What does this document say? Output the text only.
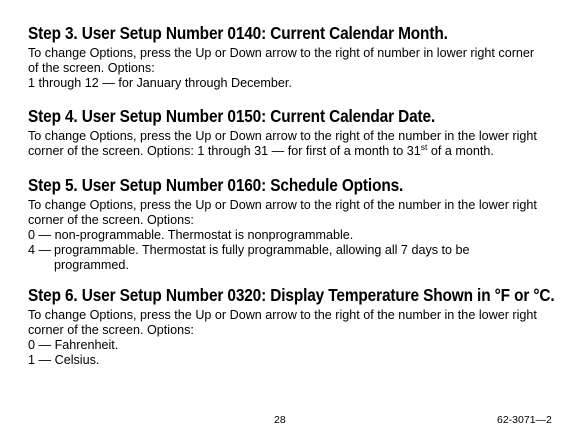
Step 3. User Setup Number 0140: Current Calendar Month.

To change Options, press the Up or Down arrow to the right of number in lower right corner
of the screen. Options:
1 through 12 — for January through December.

Step 4. User Setup Number 0150: Current Calendar Date.

To change Options, press the Up or Down arrow to the right of the number in the lower right
corner of the screen. Options: 1 through 31 — for first of a month to 31st of a month.

Step 5. User Setup Number 0160: Schedule Options.

To change Options, press the Up or Down arrow to the right of the number in the lower right
corner of the screen. Options:
0 — non-programmable. Thermostat is nonprogrammable.
4 — programmable. Thermostat is fully programmable, allowing all 7 days to be
programmed.

Step 6. User Setup Number 0320: Display Temperature Shown in °F or °C.

To change Options, press the Up or Down arrow to the right of the number in the lower right
corner of the screen. Options:
0 — Fahrenheit.
1 — Celsius.

28	62-3071—2
